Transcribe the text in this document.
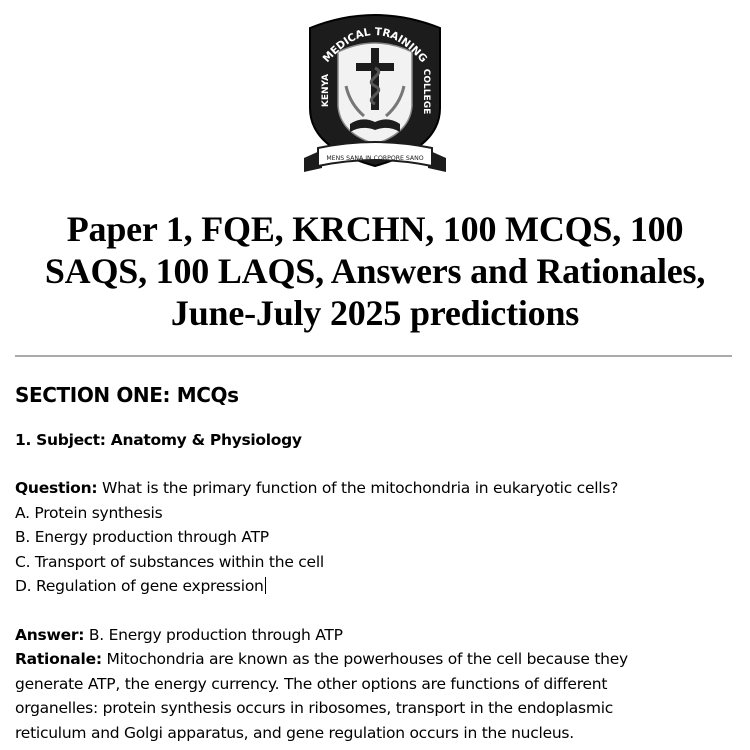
MEDICAL TRAINING
KENYA
COLLEGE
MENS SANA IN CORPORE SANO
Paper 1, FQE, KRCHN, 100 MCQS, 100
SAQS, 100 LAQS, Answers and Rationales,
June-July 2025 predictions
SECTION ONE: MCQs
1. Subject: Anatomy & Physiology
Question: What is the primary function of the mitochondria in eukaryotic cells?
A. Protein synthesis
B. Energy production through ATP
C. Transport of substances within the cell
D. Regulation of gene expression
Answer: B. Energy production through ATP
Rationale: Mitochondria are known as the powerhouses of the cell because they
generate ATP, the energy currency. The other options are functions of different
organelles: protein synthesis occurs in ribosomes, transport in the endoplasmic
reticulum and Golgi apparatus, and gene regulation occurs in the nucleus.
